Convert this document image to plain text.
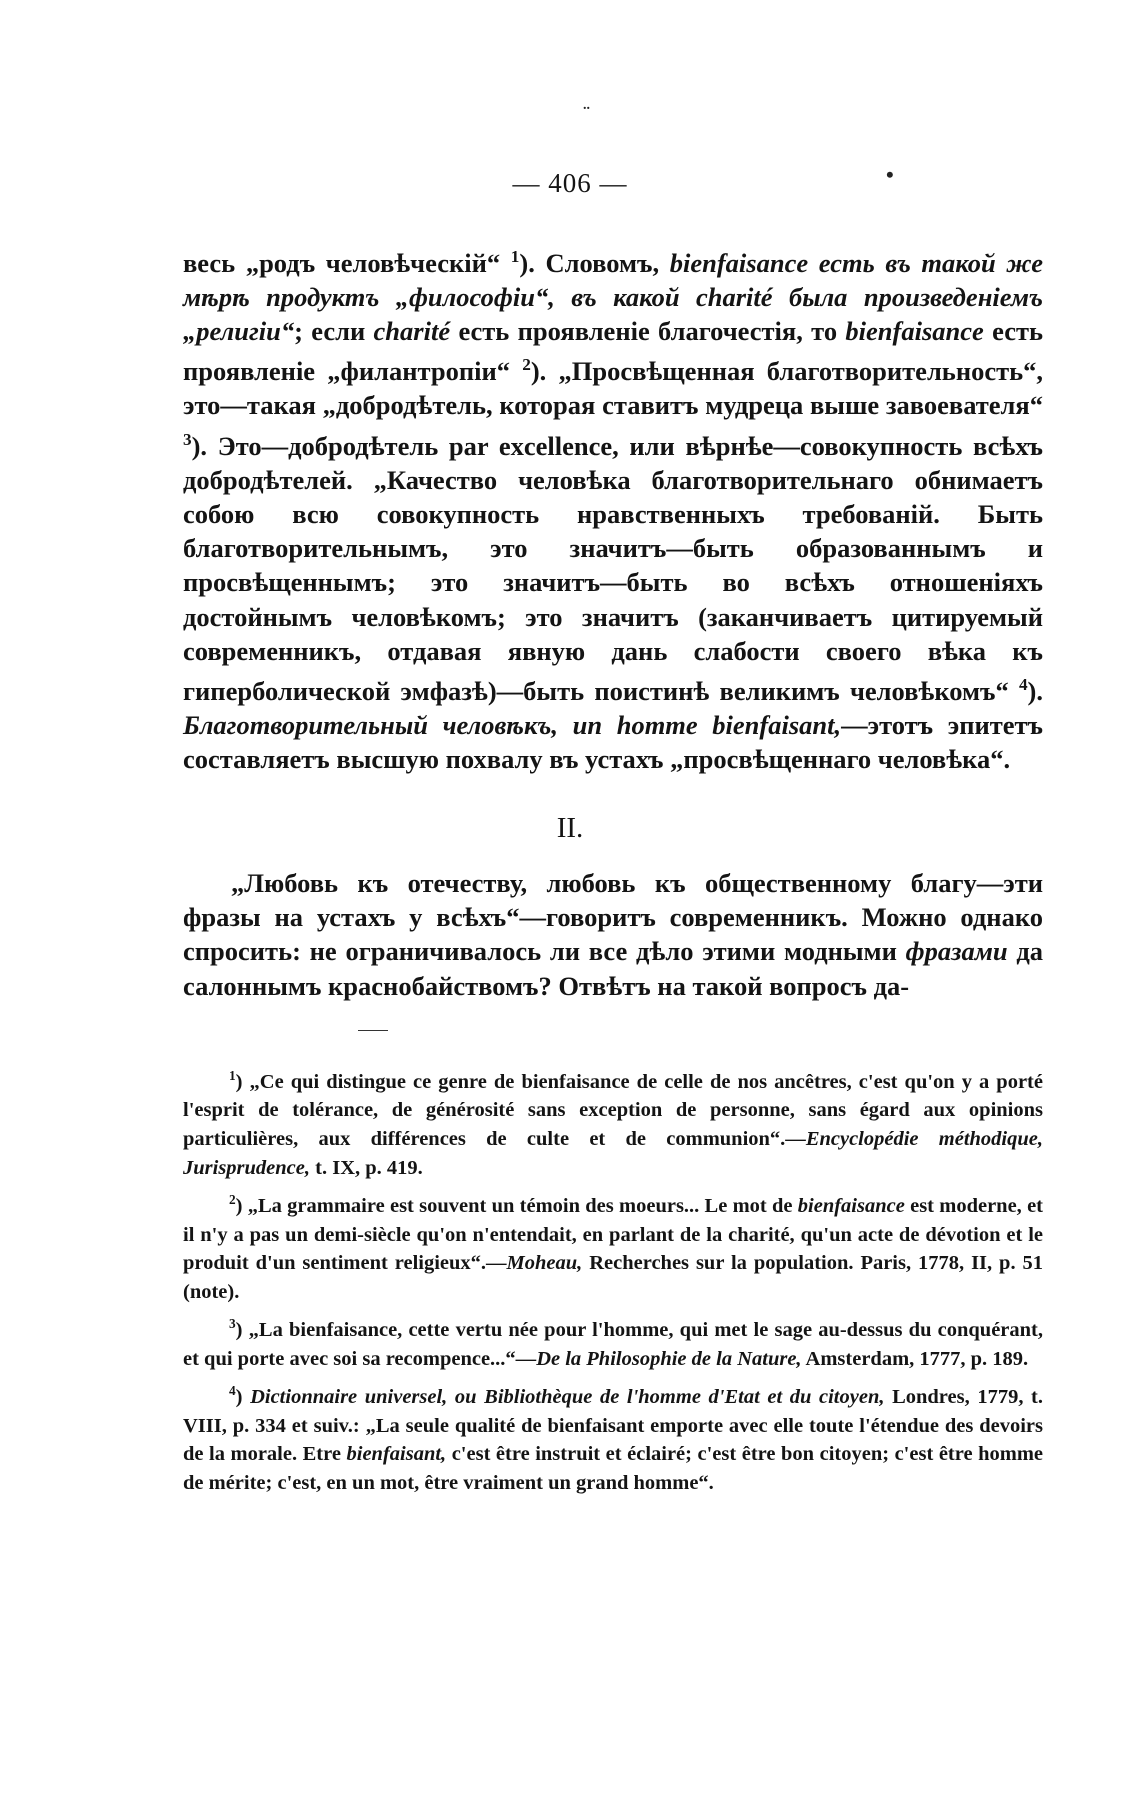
..
•
— 406 —

весь „родъ человѣческій“ $^1$). Словомъ, bienfaisance есть въ такой же мѣрѣ продуктъ „философіи“, въ какой charité была произведеніемъ „религіи“; если charité есть проявленіе благочестія, то bienfaisance есть проявленіе „филантропіи“ $^2$). „Просвѣщенная благотворительность“, это—такая „добродѣтель, которая ставитъ мудреца выше завоевателя“ $^3$). Это—добродѣтель par excellence, или вѣрнѣе—совокупность всѣхъ добродѣтелей. „Качество человѣка благотворительнаго обнимаетъ собою всю совокупность нравственныхъ требованій. Быть благотворительнымъ, это значитъ—быть образованнымъ и просвѣщеннымъ; это значитъ—быть во всѣхъ отношеніяхъ достойнымъ человѣкомъ; это значитъ (заканчиваетъ цитируемый современникъ, отдавая явную дань слабости своего вѣка къ гиперболической эмфазѣ)—быть поистинѣ великимъ человѣкомъ“ $^4$). Благотворительный человѣкъ, un homme bienfaisant,—этотъ эпитетъ составляетъ высшую похвалу въ устахъ „просвѣщеннаго человѣка“.

II.

„Любовь къ отечеству, любовь къ общественному благу—эти фразы на устахъ у всѣхъ“—говоритъ современникъ. Можно однако спросить: не ограничивалось ли все дѣло этими модными фразами да салоннымъ краснобайствомъ? Отвѣтъ на такой вопросъ да-

$^1$) „Ce qui distingue ce genre de bienfaisance de celle de nos ancêtres, c'est qu'on y a porté l'esprit de tolérance, de générosité sans exception de personne, sans égard aux opinions particulières, aux différences de culte et de communion“.—Encyclopédie méthodique, Jurisprudence, t. IX, p. 419.

$^2$) „La grammaire est souvent un témoin des moeurs... Le mot de bienfaisance est moderne, et il n'y a pas un demi-siècle qu'on n'entendait, en parlant de la charité, qu'un acte de dévotion et le produit d'un sentiment religieux“.—Moheau, Recherches sur la population. Paris, 1778, II, p. 51 (note).

$^3$) „La bienfaisance, cette vertu née pour l'homme, qui met le sage au-dessus du conquérant, et qui porte avec soi sa recompence...“—De la Philosophie de la Nature, Amsterdam, 1777, p. 189.

$^4$) Dictionnaire universel, ou Bibliothèque de l'homme d'Etat et du citoyen, Londres, 1779, t. VIII, p. 334 et suiv.: „La seule qualité de bienfaisant emporte avec elle toute l'étendue des devoirs de la morale. Etre bienfaisant, c'est être instruit et éclairé; c'est être bon citoyen; c'est être homme de mérite; c'est, en un mot, être vraiment un grand homme“.
